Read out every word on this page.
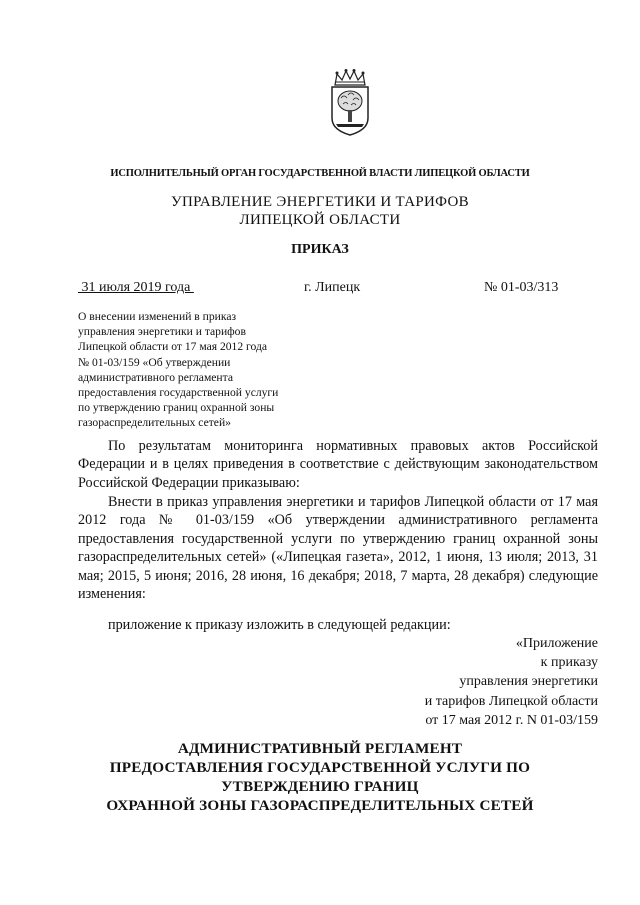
ИСПОЛНИТЕЛЬНЫЙ ОРГАН ГОСУДАРСТВЕННОЙ ВЛАСТИ ЛИПЕЦКОЙ ОБЛАСТИ
УПРАВЛЕНИЕ ЭНЕРГЕТИКИ И ТАРИФОВ
ЛИПЕЦКОЙ ОБЛАСТИ
ПРИКАЗ
31 июля 2019 года	г. Липецк	№ 01-03/313
О внесении изменений в приказ
управления энергетики и тарифов
Липецкой области от 17 мая 2012 года
№ 01-03/159 «Об утверждении
административного регламента
предоставления государственной услуги
по утверждению границ охранной зоны
газораспределительных сетей»
По результатам мониторинга нормативных правовых актов Российской Федерации и в целях приведения в соответствие с действующим законодательством Российской Федерации приказываю:
Внести в приказ управления энергетики и тарифов Липецкой области от 17 мая 2012 года № 01-03/159 «Об утверждении административного регламента предоставления государственной услуги по утверждению границ охранной зоны газораспределительных сетей» («Липецкая газета», 2012, 1 июня, 13 июля; 2013, 31 мая; 2015, 5 июня; 2016, 28 июня, 16 декабря; 2018, 7 марта, 28 декабря) следующие изменения:
приложение к приказу изложить в следующей редакции:
«Приложение
к приказу
управления энергетики
и тарифов Липецкой области
от 17 мая 2012 г. N 01-03/159
АДМИНИСТРАТИВНЫЙ РЕГЛАМЕНТ
ПРЕДОСТАВЛЕНИЯ ГОСУДАРСТВЕННОЙ УСЛУГИ ПО
УТВЕРЖДЕНИЮ ГРАНИЦ
ОХРАННОЙ ЗОНЫ ГАЗОРАСПРЕДЕЛИТЕЛЬНЫХ СЕТЕЙ
